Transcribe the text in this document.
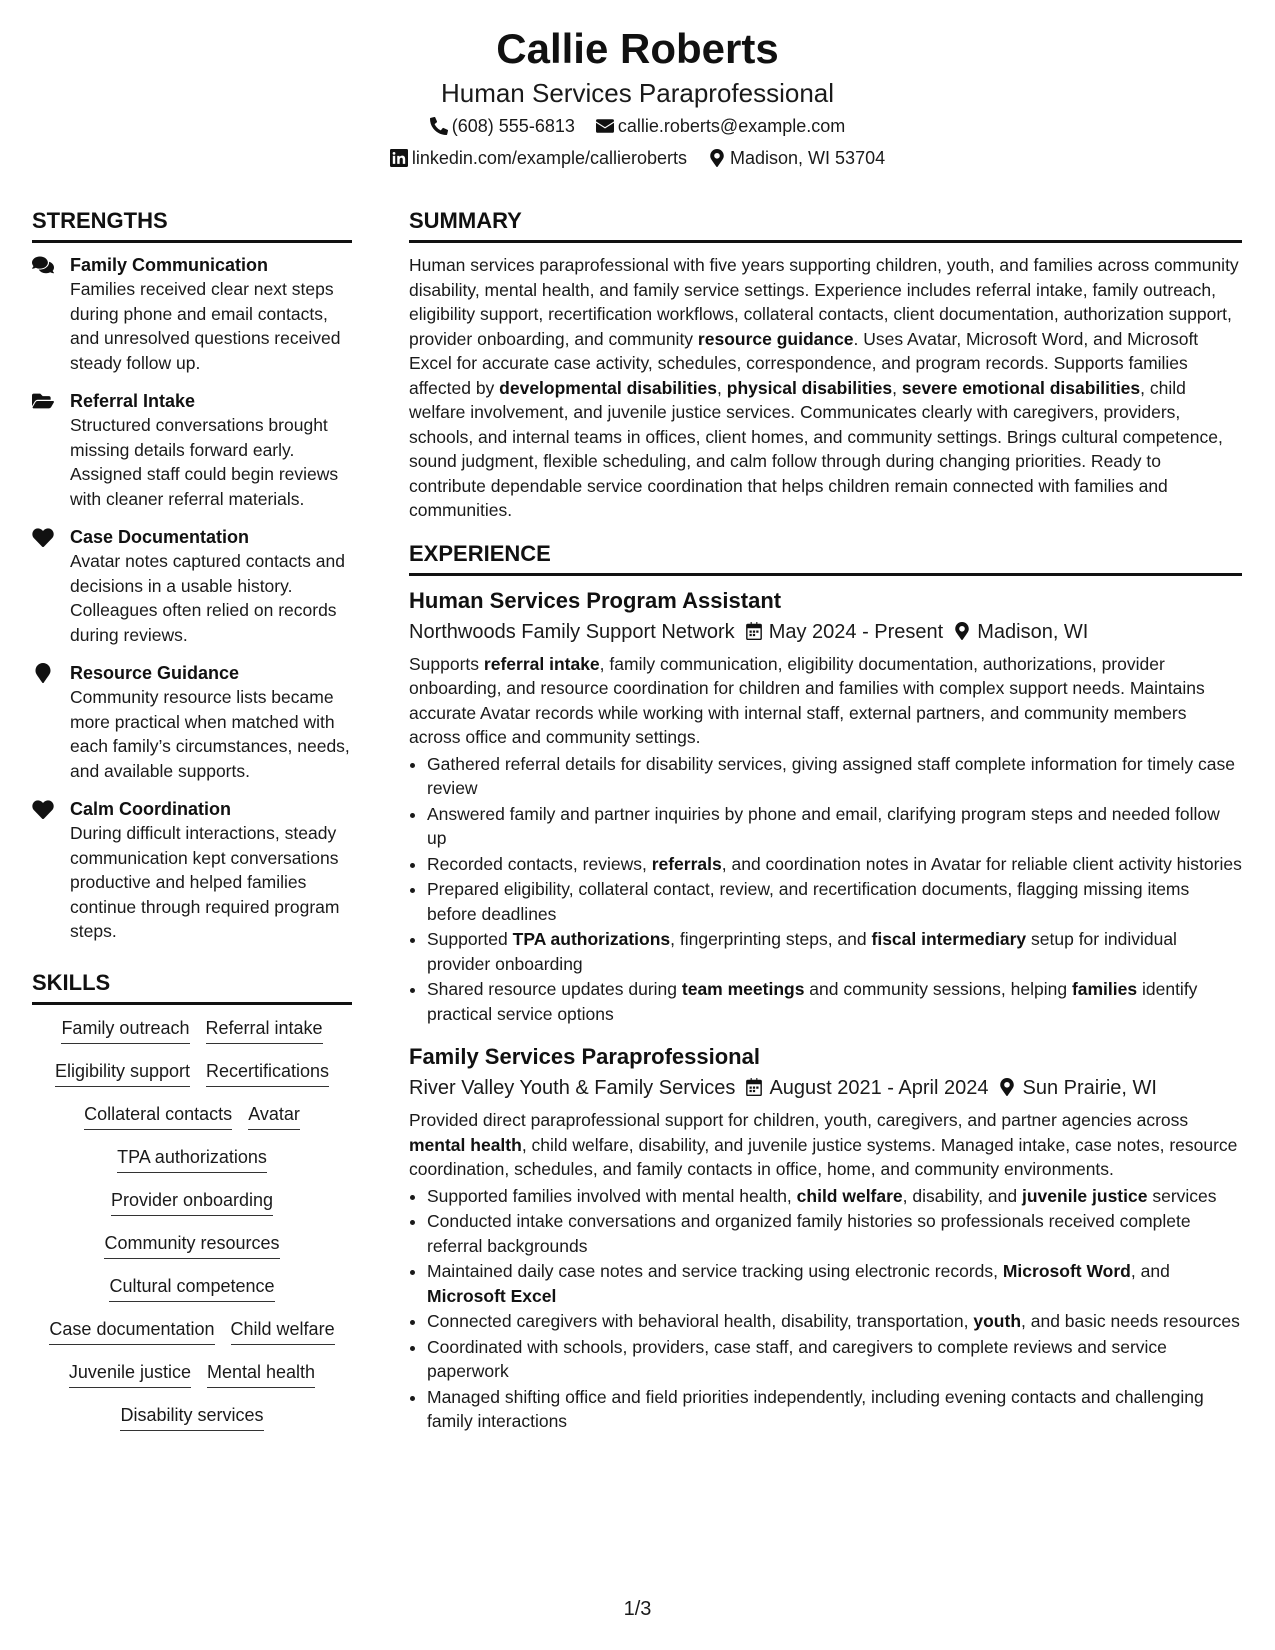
Callie Roberts
Human Services Paraprofessional
(608) 555-6813 callie.roberts@example.com
linkedin.com/example/callieroberts Madison, WI 53704
STRENGTHS
Family Communication
Families received clear next steps during phone and email contacts, and unresolved questions received steady follow up.
Referral Intake
Structured conversations brought missing details forward early. Assigned staff could begin reviews with cleaner referral materials.
Case Documentation
Avatar notes captured contacts and decisions in a usable history. Colleagues often relied on records during reviews.
Resource Guidance
Community resource lists became more practical when matched with each family’s circumstances, needs, and available supports.
Calm Coordination
During difficult interactions, steady communication kept conversations productive and helped families continue through required program steps.
SKILLS
Family outreach Referral intake
Eligibility support Recertifications
Collateral contacts Avatar
TPA authorizations
Provider onboarding
Community resources
Cultural competence
Case documentation Child welfare
Juvenile justice Mental health
Disability services
SUMMARY
Human services paraprofessional with five years supporting children, youth, and families across community disability, mental health, and family service settings. Experience includes referral intake, family outreach, eligibility support, recertification workflows, collateral contacts, client documentation, authorization support, provider onboarding, and community resource guidance. Uses Avatar, Microsoft Word, and Microsoft Excel for accurate case activity, schedules, correspondence, and program records. Supports families affected by developmental disabilities, physical disabilities, severe emotional disabilities, child welfare involvement, and juvenile justice services. Communicates clearly with caregivers, providers, schools, and internal teams in offices, client homes, and community settings. Brings cultural competence, sound judgment, flexible scheduling, and calm follow through during changing priorities. Ready to contribute dependable service coordination that helps children remain connected with families and communities.
EXPERIENCE
Human Services Program Assistant
Northwoods Family Support Network May 2024 - Present Madison, WI
Supports referral intake, family communication, eligibility documentation, authorizations, provider onboarding, and resource coordination for children and families with complex support needs. Maintains accurate Avatar records while working with internal staff, external partners, and community members across office and community settings.
• Gathered referral details for disability services, giving assigned staff complete information for timely case review
• Answered family and partner inquiries by phone and email, clarifying program steps and needed follow up
• Recorded contacts, reviews, referrals, and coordination notes in Avatar for reliable client activity histories
• Prepared eligibility, collateral contact, review, and recertification documents, flagging missing items before deadlines
• Supported TPA authorizations, fingerprinting steps, and fiscal intermediary setup for individual provider onboarding
• Shared resource updates during team meetings and community sessions, helping families identify practical service options
Family Services Paraprofessional
River Valley Youth & Family Services August 2021 - April 2024 Sun Prairie, WI
Provided direct paraprofessional support for children, youth, caregivers, and partner agencies across mental health, child welfare, disability, and juvenile justice systems. Managed intake, case notes, resource coordination, schedules, and family contacts in office, home, and community environments.
• Supported families involved with mental health, child welfare, disability, and juvenile justice services
• Conducted intake conversations and organized family histories so professionals received complete referral backgrounds
• Maintained daily case notes and service tracking using electronic records, Microsoft Word, and Microsoft Excel
• Connected caregivers with behavioral health, disability, transportation, youth, and basic needs resources
• Coordinated with schools, providers, case staff, and caregivers to complete reviews and service paperwork
• Managed shifting office and field priorities independently, including evening contacts and challenging family interactions
1/3
